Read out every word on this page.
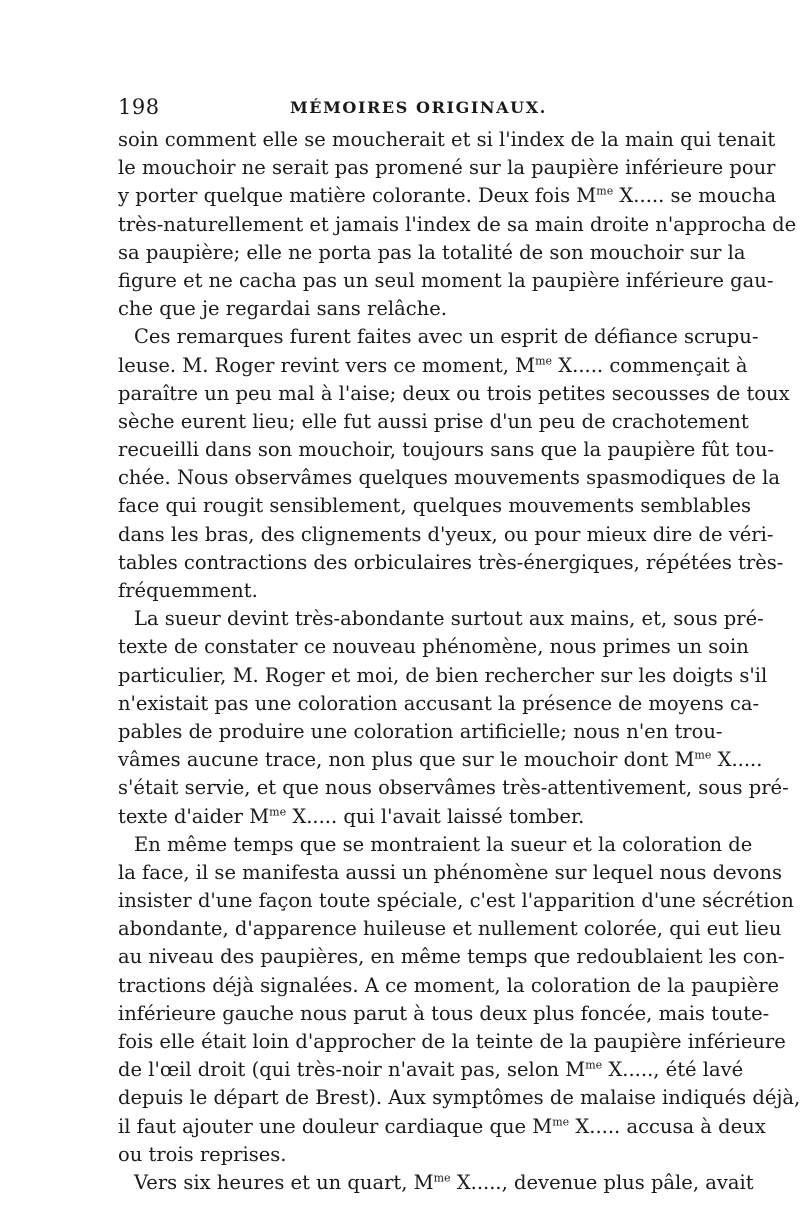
198	MÉMOIRES ORIGINAUX.
soin comment elle se moucherait et si l'index de la main qui tenait
le mouchoir ne serait pas promené sur la paupière inférieure pour
y porter quelque matière colorante. Deux fois $M^{me}$ X..... se moucha
très-naturellement et jamais l'index de sa main droite n'approcha de
sa paupière; elle ne porta pas la totalité de son mouchoir sur la
figure et ne cacha pas un seul moment la paupière inférieure gau-
che que je regardai sans relâche.
Ces remarques furent faites avec un esprit de défiance scrupu-
leuse. M. Roger revint vers ce moment, $M^{me}$ X..... commençait à
paraître un peu mal à l'aise; deux ou trois petites secousses de toux
sèche eurent lieu; elle fut aussi prise d'un peu de crachotement
recueilli dans son mouchoir, toujours sans que la paupière fût tou-
chée. Nous observâmes quelques mouvements spasmodiques de la
face qui rougit sensiblement, quelques mouvements semblables
dans les bras, des clignements d'yeux, ou pour mieux dire de véri-
tables contractions des orbiculaires très-énergiques, répétées très-
fréquemment.
La sueur devint très-abondante surtout aux mains, et, sous pré-
texte de constater ce nouveau phénomène, nous primes un soin
particulier, M. Roger et moi, de bien rechercher sur les doigts s'il
n'existait pas une coloration accusant la présence de moyens ca-
pables de produire une coloration artificielle; nous n'en trou-
vâmes aucune trace, non plus que sur le mouchoir dont $M^{me}$ X.....
s'était servie, et que nous observâmes très-attentivement, sous pré-
texte d'aider $M^{me}$ X..... qui l'avait laissé tomber.
En même temps que se montraient la sueur et la coloration de
la face, il se manifesta aussi un phénomène sur lequel nous devons
insister d'une façon toute spéciale, c'est l'apparition d'une sécrétion
abondante, d'apparence huileuse et nullement colorée, qui eut lieu
au niveau des paupières, en même temps que redoublaient les con-
tractions déjà signalées. A ce moment, la coloration de la paupière
inférieure gauche nous parut à tous deux plus foncée, mais toute-
fois elle était loin d'approcher de la teinte de la paupière inférieure
de l'œil droit (qui très-noir n'avait pas, selon $M^{me}$ X....., été lavé
depuis le départ de Brest). Aux symptômes de malaise indiqués déjà,
il faut ajouter une douleur cardiaque que $M^{me}$ X..... accusa à deux
ou trois reprises.
Vers six heures et un quart, $M^{me}$ X....., devenue plus pâle, avait
